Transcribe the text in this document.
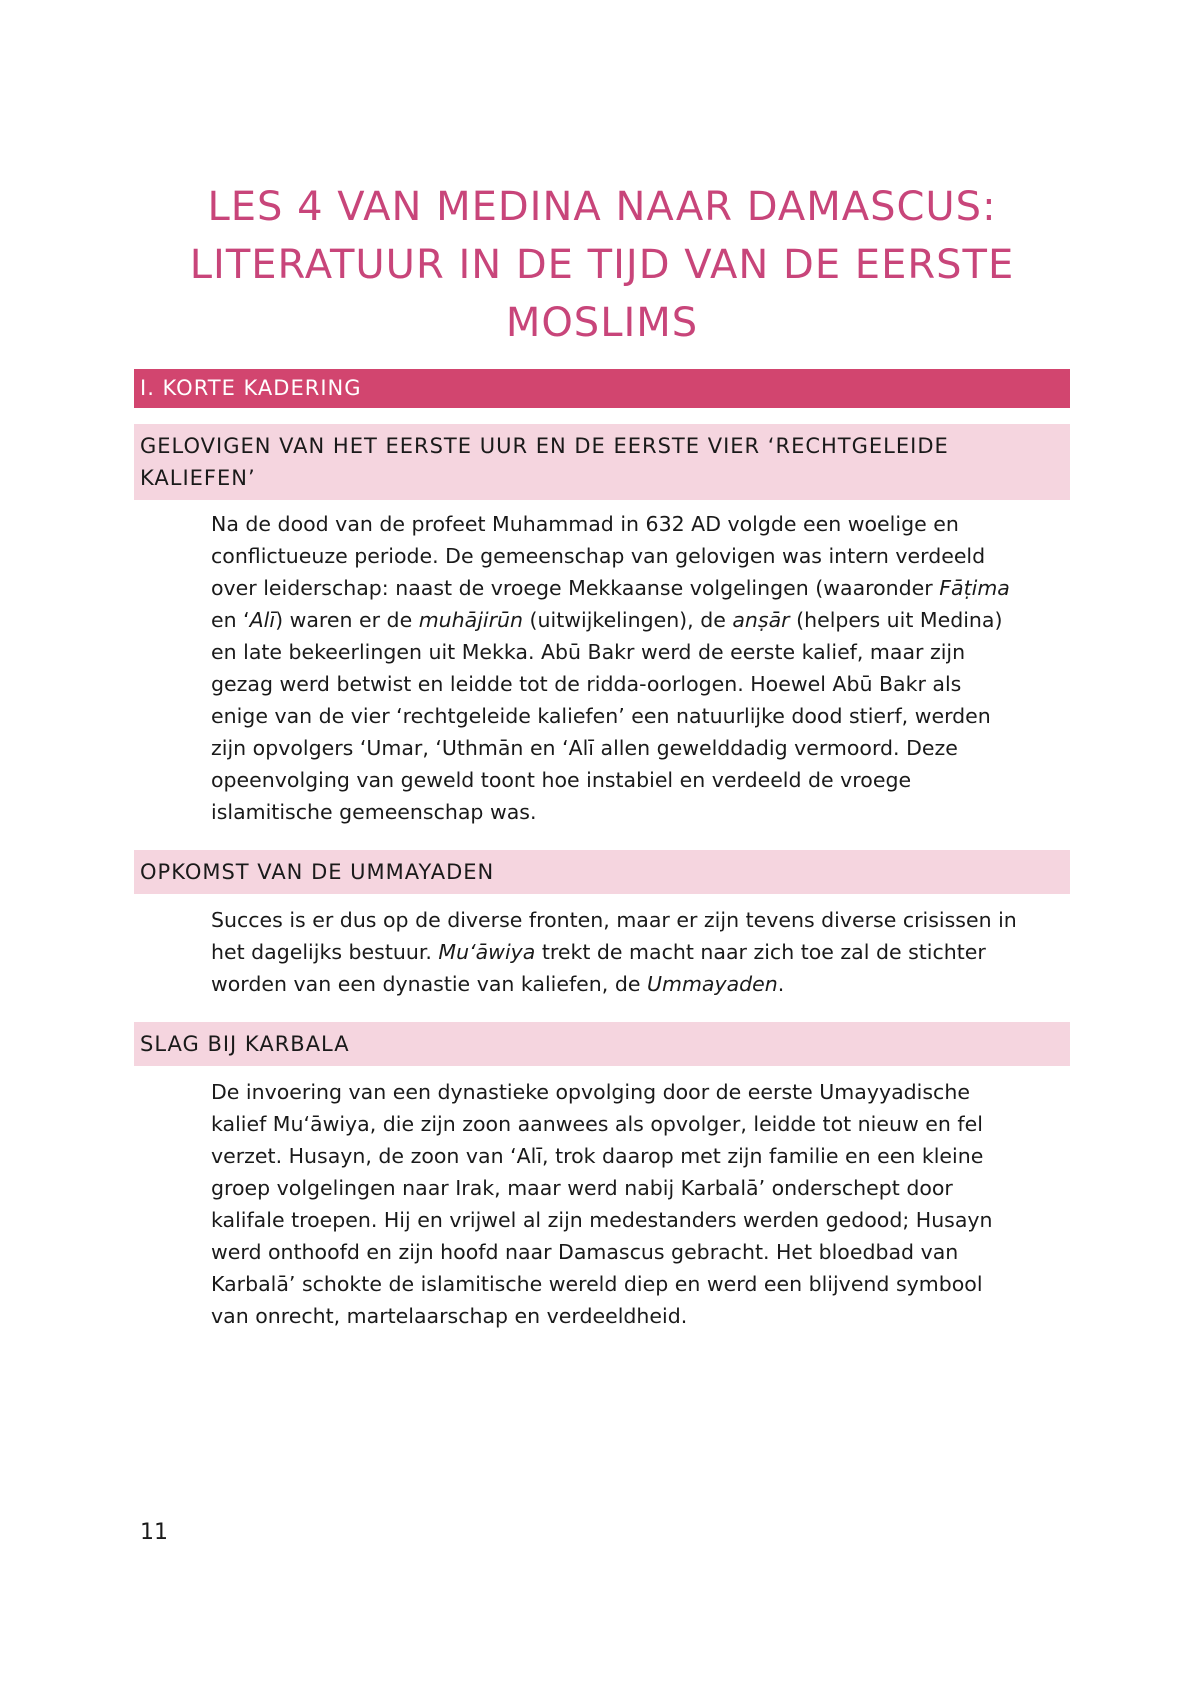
LES 4 VAN MEDINA NAAR DAMASCUS:
LITERATUUR IN DE TIJD VAN DE EERSTE
MOSLIMS
I. KORTE KADERING
GELOVIGEN VAN HET EERSTE UUR EN DE EERSTE VIER ‘RECHTGELEIDE
KALIEFEN’

Na de dood van de profeet Muhammad in 632 AD volgde een woelige en
conflictueuze periode. De gemeenschap van gelovigen was intern verdeeld
over leiderschap: naast de vroege Mekkaanse volgelingen (waaronder Fāṭima
en ‘Alī) waren er de muhājirūn (uitwijkelingen), de anṣār (helpers uit Medina)
en late bekeerlingen uit Mekka. Abū Bakr werd de eerste kalief, maar zijn
gezag werd betwist en leidde tot de ridda-oorlogen. Hoewel Abū Bakr als
enige van de vier ‘rechtgeleide kaliefen’ een natuurlijke dood stierf, werden
zijn opvolgers ‘Umar, ‘Uthmān en ‘Alī allen gewelddadig vermoord. Deze
opeenvolging van geweld toont hoe instabiel en verdeeld de vroege
islamitische gemeenschap was.

OPKOMST VAN DE UMMAYADEN

Succes is er dus op de diverse fronten, maar er zijn tevens diverse crisissen in
het dagelijks bestuur. Mu‘āwiya trekt de macht naar zich toe zal de stichter
worden van een dynastie van kaliefen, de Ummayaden.

SLAG BIJ KARBALA

De invoering van een dynastieke opvolging door de eerste Umayyadische
kalief Mu‘āwiya, die zijn zoon aanwees als opvolger, leidde tot nieuw en fel
verzet. Husayn, de zoon van ‘Alī, trok daarop met zijn familie en een kleine
groep volgelingen naar Irak, maar werd nabij Karbalā’ onderschept door
kalifale troepen. Hij en vrijwel al zijn medestanders werden gedood; Husayn
werd onthoofd en zijn hoofd naar Damascus gebracht. Het bloedbad van
Karbalā’ schokte de islamitische wereld diep en werd een blijvend symbool
van onrecht, martelaarschap en verdeeldheid.

11
